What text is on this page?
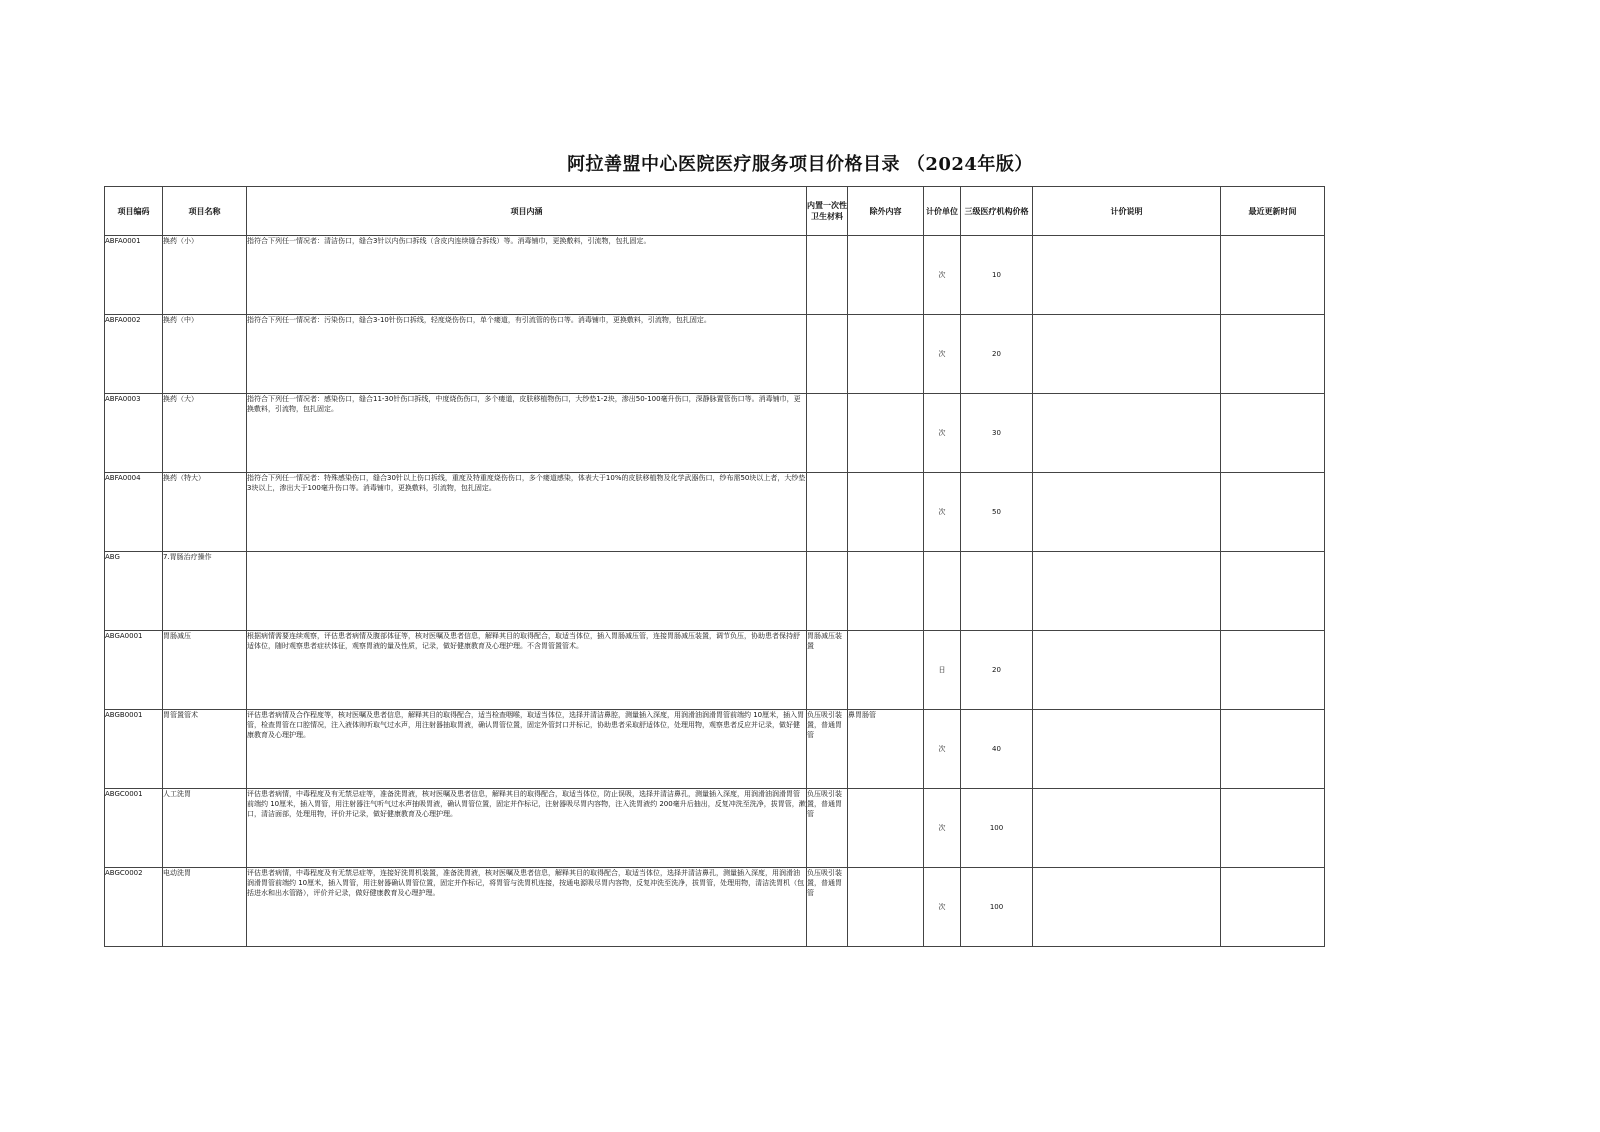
阿拉善盟中心医院医疗服务项目价格目录 （2024年版）
项目编码	项目名称	项目内涵	内置一次性卫生材料	除外内容	计价单位	三级医疗机构价格	计价说明	最近更新时间
ABFA0001	换药（小）	指符合下列任一情况者：清洁伤口，缝合3针以内伤口拆线（含皮内连续缝合拆线）等。消毒铺巾，更换敷料，引流物，包扎固定。			次	10		
ABFA0002	换药（中）	指符合下列任一情况者：污染伤口，缝合3-10针伤口拆线，轻度烧伤伤口，单个瘘道，有引流管的伤口等。消毒铺巾，更换敷料，引流物，包扎固定。			次	20		
ABFA0003	换药（大）	指符合下列任一情况者：感染伤口，缝合11-30针伤口拆线，中度烧伤伤口，多个瘘道，皮肤移植物伤口，大纱垫1-2块，渗出50-100毫升伤口，深静脉置管伤口等。消毒铺巾，更换敷料，引流物，包扎固定。			次	30		
ABFA0004	换药（特大）	指符合下列任一情况者：特殊感染伤口，缝合30针以上伤口拆线，重度及特重度烧伤伤口，多个瘘道感染，体表大于10%的皮肤移植物及化学武器伤口，纱布需50块以上者，大纱垫3块以上，渗出大于100毫升伤口等。消毒铺巾，更换敷料，引流物，包扎固定。			次	50		
ABG	7.胃肠治疗操作							
ABGA0001	胃肠减压	根据病情需要连续观察，评估患者病情及腹部体征等，核对医嘱及患者信息，解释其目的取得配合，取适当体位，插入胃肠减压管，连接胃肠减压装置，调节负压，协助患者保持舒适体位，随时观察患者症状体征，观察胃液的量及性质，记录，做好健康教育及心理护理。不含胃管置管术。	胃肠减压装置		日	20		
ABGB0001	胃管置管术	评估患者病情及合作程度等，核对医嘱及患者信息，解释其目的取得配合，适当检查咽喉，取适当体位，选择并清洁鼻腔，测量插入深度，用润滑油润滑胃管前端约 10厘米，插入胃管，检查胃管在口腔情况，注入液体则听取气过水声，用注射器抽取胃液，确认胃管位置，固定外管封口并标记，协助患者采取舒适体位，处理用物，观察患者反应并记录，做好健康教育及心理护理。	负压吸引装置，普通胃管	鼻胃肠管	次	40		
ABGC0001	人工洗胃	评估患者病情，中毒程度及有无禁忌症等，准备洗胃液，核对医嘱及患者信息，解释其目的取得配合，取适当体位，防止误吸，选择并清洁鼻孔，测量插入深度，用润滑油润滑胃管前端约 10厘米，插入胃管，用注射器注气听气过水声抽吸胃液，确认胃管位置，固定并作标记，注射器吸尽胃内容物，注入洗胃液约 200毫升后抽出，反复冲洗至洗净，拔胃管，漱口，清洁面部，处理用物，评价并记录，做好健康教育及心理护理。	负压吸引装置，普通胃管		次	100		
ABGC0002	电动洗胃	评估患者病情，中毒程度及有无禁忌症等，连接好洗胃机装置，准备洗胃液，核对医嘱及患者信息，解释其目的取得配合，取适当体位，选择并清洁鼻孔，测量插入深度，用润滑油润滑胃管前端约 10厘米，插入胃管，用注射器确认胃管位置，固定并作标记，将胃管与洗胃机连接，按通电源吸尽胃内容物，反复冲洗至洗净，拔胃管，处理用物，清洁洗胃机（包括进水和出水管路），评价并记录，做好健康教育及心理护理。	负压吸引装置，普通胃管		次	100		
